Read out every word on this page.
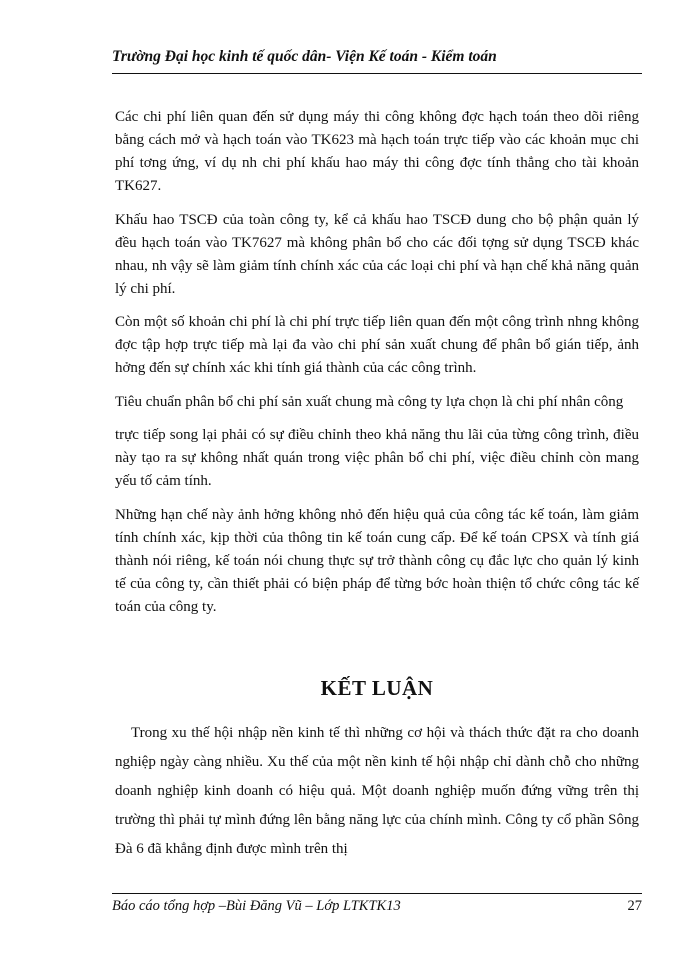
Trường Đại học kinh tế quốc dân- Viện Kế toán - Kiểm toán

Các chi phí liên quan đến sử dụng máy thi công không đợc hạch toán theo dõi riêng bằng cách mở và hạch toán vào TK623 mà hạch toán trực tiếp vào các khoản mục chi phí tơng ứng, ví dụ nh chi phí khấu hao máy thi công đợc tính thẳng cho tài khoản TK627.

Khấu hao TSCĐ của toàn công ty, kể cả khấu hao TSCĐ dung cho bộ phận quản lý đều hạch toán vào TK7627 mà không phân bổ cho các đối tợng sử dụng TSCĐ khác nhau, nh vậy sẽ làm giảm tính chính xác của các loại chi phí và hạn chế khả năng quản lý chi phí.

Còn một số khoản chi phí là chi phí trực tiếp liên quan đến một công trình nhng không đợc tập hợp trực tiếp mà lại đa vào chi phí sản xuất chung để phân bổ gián tiếp, ảnh hởng đến sự chính xác khi tính giá thành của các công trình.

Tiêu chuẩn phân bổ chi phí sản xuất chung mà công ty lựa chọn là chi phí nhân công

trực tiếp song lại phải có sự điều chỉnh theo khả năng thu lãi của từng công trình, điều này tạo ra sự không nhất quán trong việc phân bổ chi phí, việc điều chỉnh còn mang yếu tố cảm tính.

Những hạn chế này ảnh hởng không nhỏ đến hiệu quả của công tác kế toán, làm giảm tính chính xác, kịp thời của thông tin kế toán cung cấp. Để kế toán CPSX và tính giá thành nói riêng, kế toán nói chung thực sự trở thành công cụ đắc lực cho quản lý kinh tế của công ty, cần thiết phải có biện pháp để từng bớc hoàn thiện tổ chức công tác kế toán của công ty.

KẾT LUẬN

Trong xu thế hội nhập nền kinh tế thì những cơ hội và thách thức đặt ra cho doanh nghiệp ngày càng nhiều. Xu thế của một nền kinh tế hội nhập chỉ dành chỗ cho những doanh nghiệp kinh doanh có hiệu quả. Một doanh nghiệp muốn đứng vững trên thị trường thì phải tự mình đứng lên bằng năng lực của chính mình. Công ty cổ phần Sông Đà 6 đã khẳng định được mình trên thị

Báo cáo tổng hợp –Bùi Đăng Vũ – Lớp LTKTK13	27
